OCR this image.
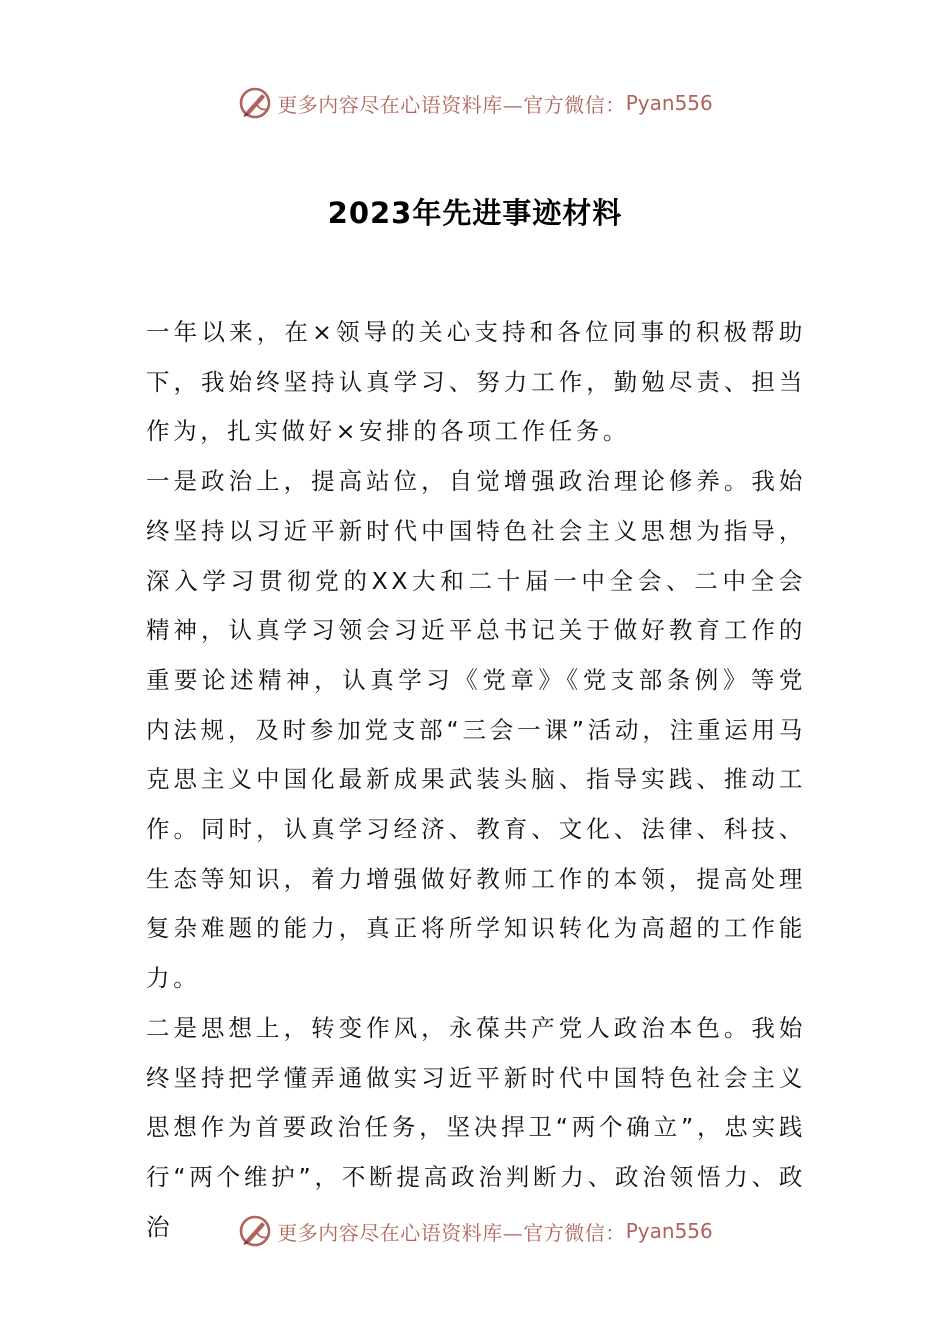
更多内容尽在心语资料库—官方微信： Pyan556
2023年先进事迹材料

一年以来，在×领导的关心支持和各位同事的积极帮助下，我始终坚持认真学习、努力工作，勤勉尽责、担当作为，扎实做好×安排的各项工作任务。

一是政治上，提高站位，自觉增强政治理论修养。我始终坚持以习近平新时代中国特色社会主义思想为指导，深入学习贯彻党的XX大和二十届一中全会、二中全会精神，认真学习领会习近平总书记关于做好教育工作的重要论述精神，认真学习《党章》《党支部条例》等党内法规，及时参加党支部“三会一课”活动，注重运用马克思主义中国化最新成果武装头脑、指导实践、推动工作。同时，认真学习经济、教育、文化、法律、科技、生态等知识，着力增强做好教师工作的本领，提高处理复杂难题的能力，真正将所学知识转化为高超的工作能力。

二是思想上，转变作风，永葆共产党人政治本色。我始终坚持把学懂弄通做实习近平新时代中国特色社会主义思想作为首要政治任务，坚决捍卫“两个确立”，忠实践行“两个维护”，不断提高政治判断力、政治领悟力、政治	更多内容尽在心语资料库—官方微信： Pyan556
